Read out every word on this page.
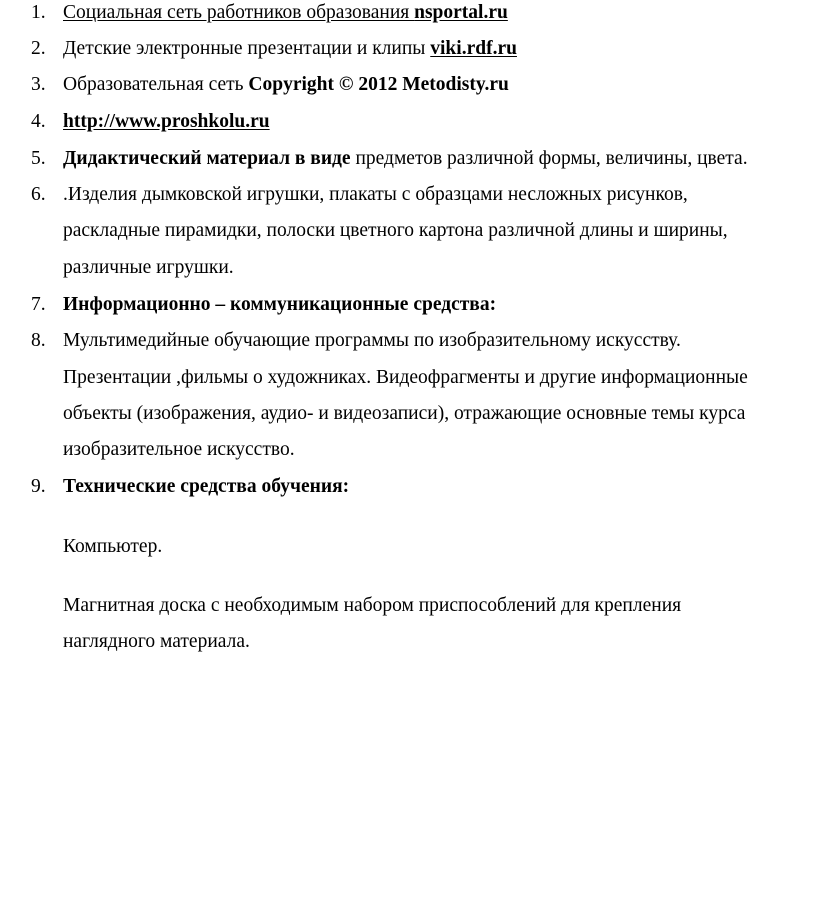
1. Социальная сеть работников образования nsportal.ru
2. Детские электронные презентации и клипы viki.rdf.ru
3. Образовательная сеть Copyright © 2012 Metodisty.ru
4. http://www.proshkolu.ru
5. Дидактический материал в виде предметов различной формы, величины, цвета.
6. .Изделия дымковской игрушки, плакаты с образцами несложных рисунков,
раскладные пирамидки, полоски цветного картона различной длины и ширины,
различные игрушки.
7. Информационно – коммуникационные средства:
8. Мультимедийные обучающие программы по изобразительному искусству.
Презентации ,фильмы о художниках. Видеофрагменты и другие информационные
объекты (изображения, аудио- и видеозаписи), отражающие основные темы курса
изобразительное искусство.
9. Технические средства обучения:
Компьютер.
Магнитная доска с необходимым набором приспособлений для крепления
наглядного материала.
